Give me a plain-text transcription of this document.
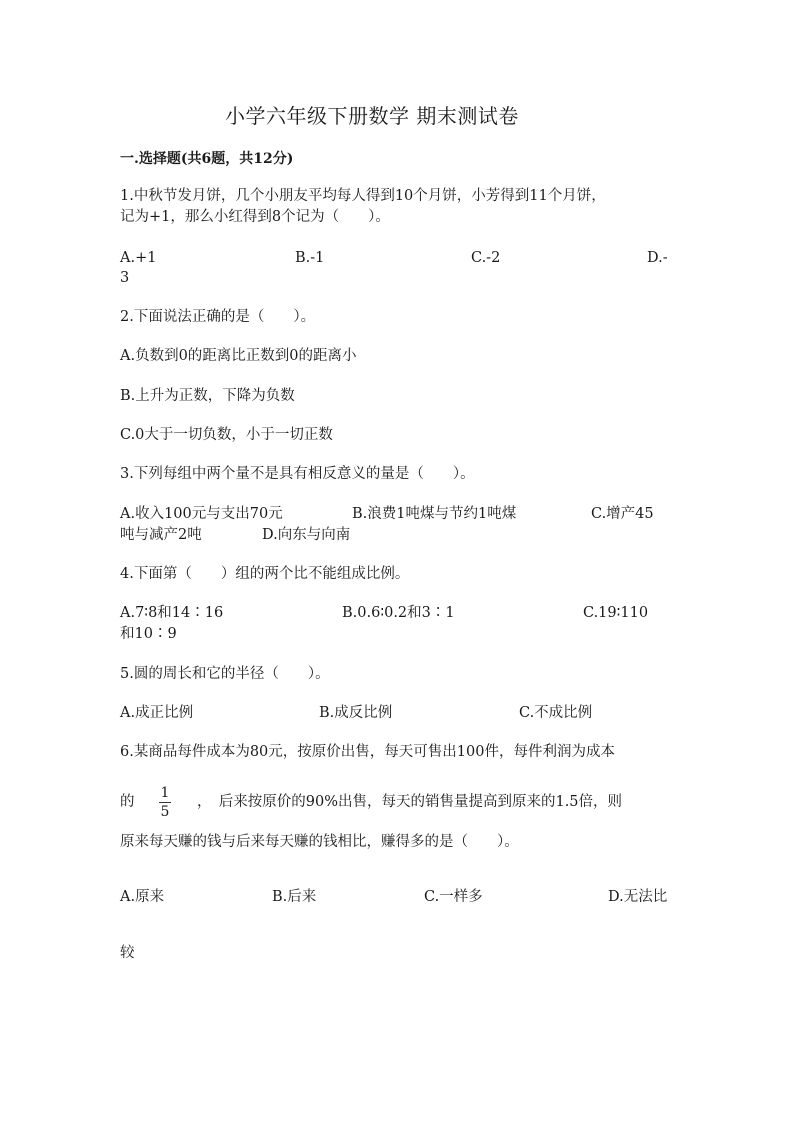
小学六年级下册数学 期末测试卷
一.选择题(共6题，共12分)
1.中秋节发月饼，几个小朋友平均每人得到10个月饼，小芳得到11个月饼，
记为+1，那么小红得到8个记为（　　）。
A.+1	B.-1	C.-2	D.-
3
2.下面说法正确的是（　　）。
A.负数到0的距离比正数到0的距离小
B.上升为正数，下降为负数
C.0大于一切负数，小于一切正数
3.下列每组中两个量不是具有相反意义的量是（　　）。
A.收入100元与支出70元	B.浪费1吨煤与节约1吨煤	C.增产45
吨与减产2吨	D.向东与向南
4.下面第（　　）组的两个比不能组成比例。
A.7∶8和14∶16	B.0.6∶0.2和3∶1	C.19∶110
和10∶9
5.圆的周长和它的半径（　　）。
A.成正比例	B.成反比例	C.不成比例
6.某商品每件成本为80元，按原价出售，每天可售出100件，每件利润为成本
的
1
5
，　后来按原价的90%出售，每天的销售量提高到原来的1.5倍，则
原来每天赚的钱与后来每天赚的钱相比，赚得多的是（　　）。
A.原来	B.后来	C.一样多	D.无法比
较
